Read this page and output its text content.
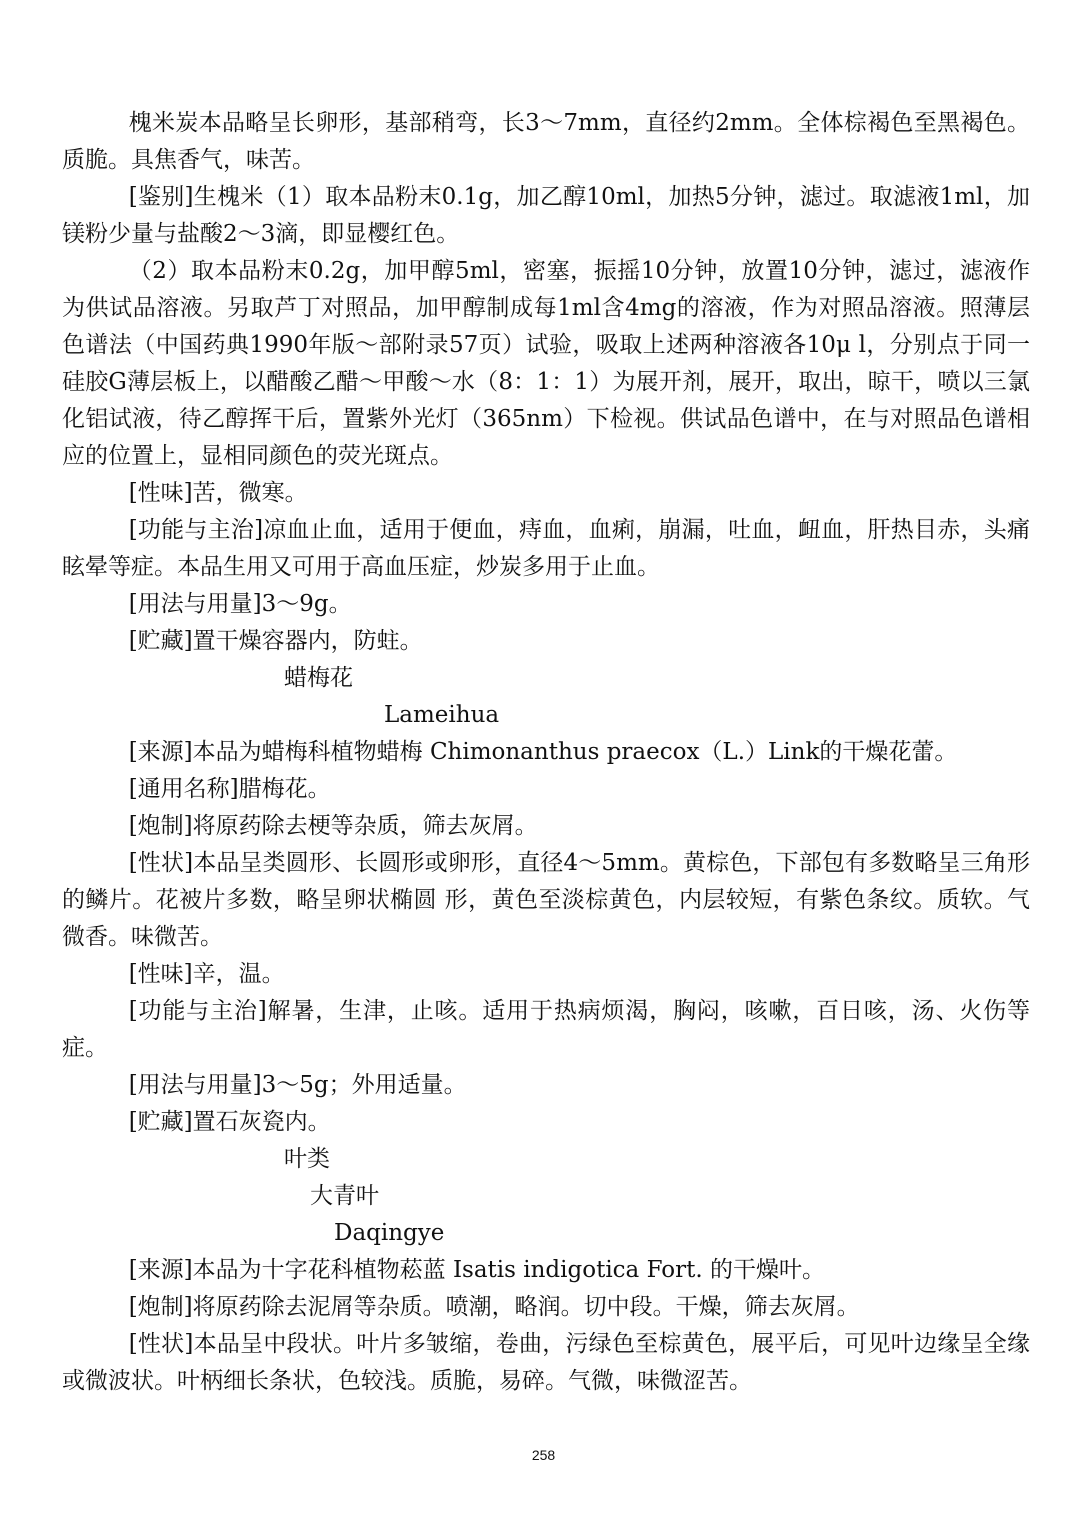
槐米炭本品略呈长卵形，基部稍弯，长3～7mm，直径约2mm。全体棕褐色至黑褐色。质脆。具焦香气，味苦。

[鉴别]生槐米（1）取本品粉末0.1g，加乙醇10ml，加热5分钟，滤过。取滤液1ml，加镁粉少量与盐酸2～3滴，即显樱红色。

（2）取本品粉末0.2g，加甲醇5ml，密塞，振摇10分钟，放置10分钟，滤过，滤液作为供试品溶液。另取芦丁对照品，加甲醇制成每1ml含4mg的溶液，作为对照品溶液。照薄层色谱法（中国药典1990年版～部附录57页）试验，吸取上述两种溶液各10μ l，分别点于同一硅胶G薄层板上，以醋酸乙醋～甲酸～水（8：1：1）为展开剂，展开，取出，晾干，喷以三氯化铝试液，待乙醇挥干后，置紫外光灯（365nm）下检视。供试品色谱中，在与对照品色谱相应的位置上，显相同颜色的荧光斑点。

[性味]苦，微寒。

[功能与主治]凉血止血，适用于便血，痔血，血痢，崩漏，吐血，衄血，肝热目赤，头痛眩晕等症。本品生用又可用于高血压症，炒炭多用于止血。

[用法与用量]3～9g。

[贮藏]置干燥容器内，防蛀。

蜡梅花

Lameihua

[来源]本品为蜡梅科植物蜡梅 Chimonanthus praecox（L.）Link的干燥花蕾。

[通用名称]腊梅花。

[炮制]将原药除去梗等杂质，筛去灰屑。

[性状]本品呈类圆形、长圆形或卵形，直径4～5mm。黄棕色，下部包有多数略呈三角形的鳞片。花被片多数，略呈卵状椭圆 形，黄色至淡棕黄色，内层较短，有紫色条纹。质软。气微香。味微苦。

[性味]辛，温。

[功能与主治]解暑，生津，止咳。适用于热病烦渴，胸闷，咳嗽，百日咳，汤、火伤等症。

[用法与用量]3～5g；外用适量。

[贮藏]置石灰瓷内。

叶类

大青叶

Daqingye

[来源]本品为十字花科植物菘蓝 Isatis indigotica Fort. 的干燥叶。

[炮制]将原药除去泥屑等杂质。喷潮，略润。切中段。干燥，筛去灰屑。

[性状]本品呈中段状。叶片多皱缩，卷曲，污绿色至棕黄色，展平后，可见叶边缘呈全缘或微波状。叶柄细长条状，色较浅。质脆，易碎。气微，味微涩苦。

258
